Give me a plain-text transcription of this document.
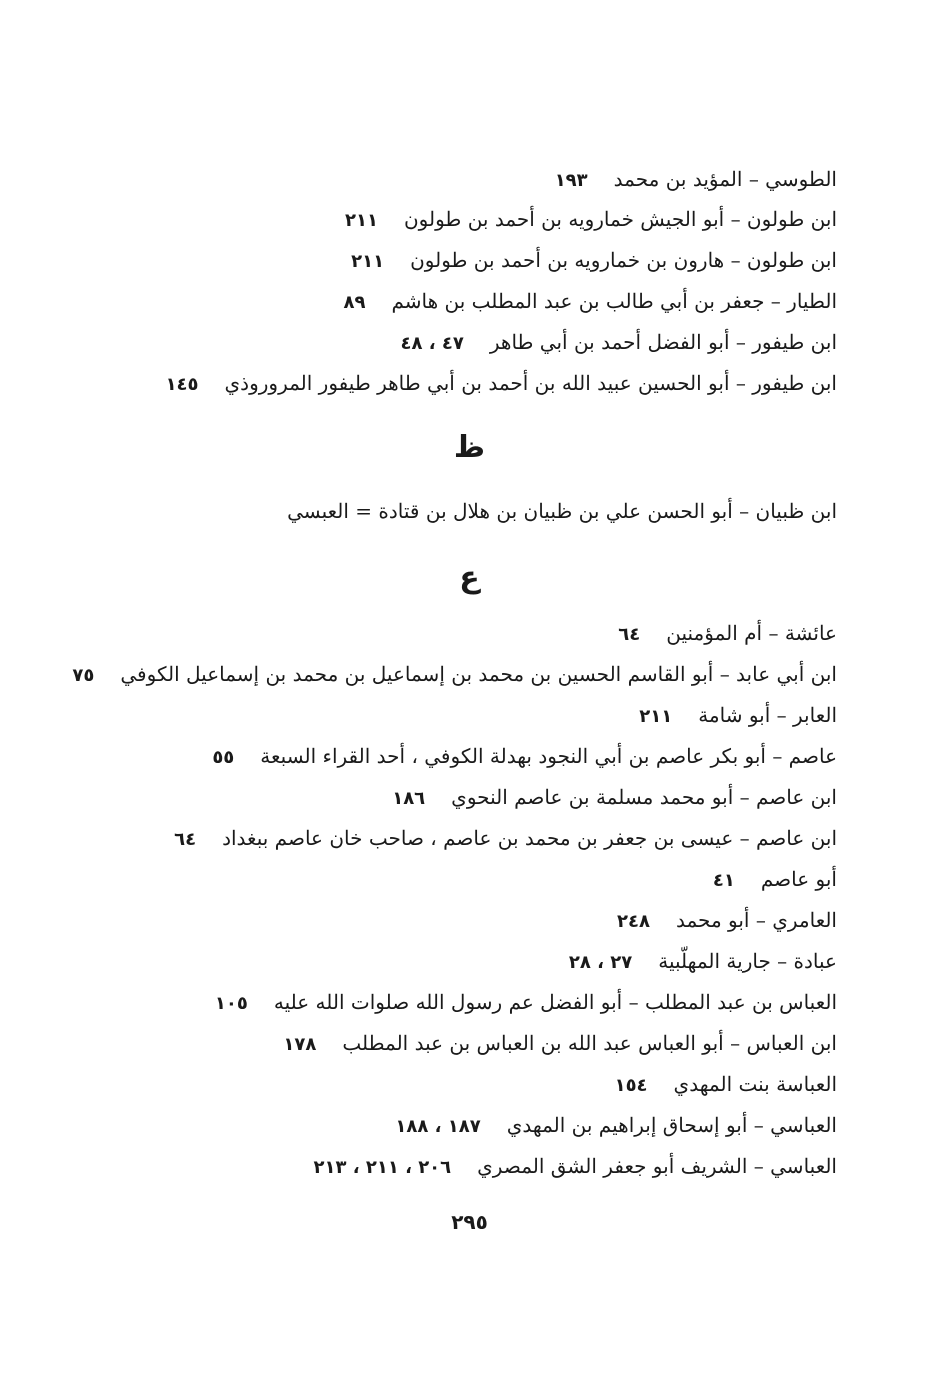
الطوسي – المؤيد بن محمد١٩٣
ابن طولون – أبو الجيش خمارويه بن أحمد بن طولون٢١١
ابن طولون – هارون بن خمارويه بن أحمد بن طولون٢١١
الطيار – جعفر بن أبي طالب بن عبد المطلب بن هاشم٨٩
ابن طيفور – أبو الفضل أحمد بن أبي طاهر٤٧ ، ٤٨
ابن طيفور – أبو الحسين عبيد الله بن أحمد بن أبي طاهر طيفور المروروذي١٤٥
ظ
ابن ظبيان – أبو الحسن علي بن ظبيان بن هلال بن قتادة = العبسي
ع
عائشة – أم المؤمنين٦٤
ابن أبي عابد – أبو القاسم الحسين بن محمد بن إسماعيل بن محمد بن إسماعيل الكوفي٧٥
العابر – أبو شامة٢١١
عاصم – أبو بكر عاصم بن أبي النجود بهدلة الكوفي ، أحد القراء السبعة٥٥
ابن عاصم – أبو محمد مسلمة بن عاصم النحوي١٨٦
ابن عاصم – عيسى بن جعفر بن محمد بن عاصم ، صاحب خان عاصم ببغداد٦٤
أبو عاصم٤١
العامري – أبو محمد٢٤٨
عبادة – جارية المهلّبية٢٧ ، ٢٨
العباس بن عبد المطلب – أبو الفضل عم رسول الله صلوات الله عليه١٠٥
ابن العباس – أبو العباس عبد الله بن العباس بن عبد المطلب١٧٨
العباسة بنت المهدي١٥٤
العباسي – أبو إسحاق إبراهيم بن المهدي١٨٧ ، ١٨٨
العباسي – الشريف أبو جعفر الشق المصري٢٠٦ ، ٢١١ ، ٢١٣
٢٩٥
